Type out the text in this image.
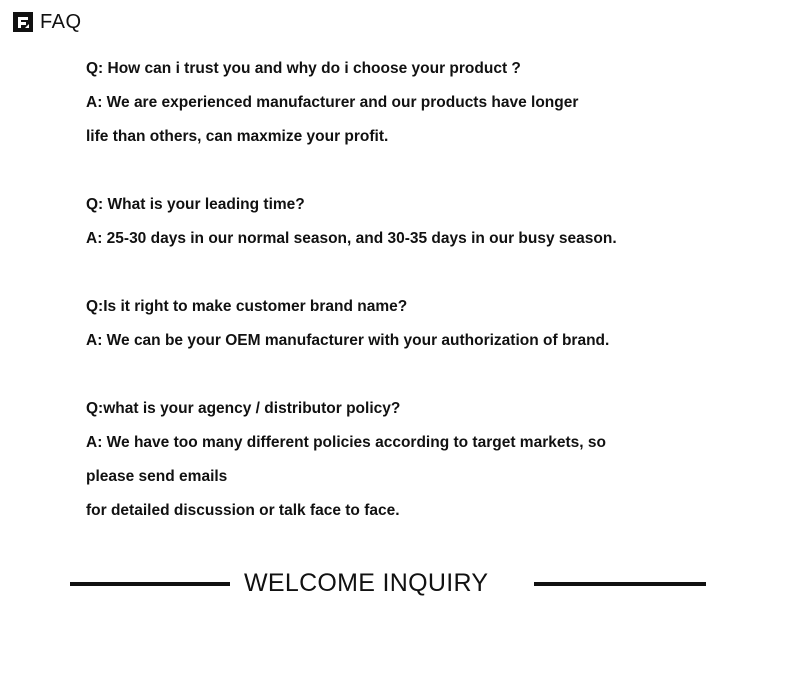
FAQ
Q: How can i trust you and why do i choose your product ?
A: We are experienced manufacturer and our products have longer
life than others, can maxmize your profit.
Q: What is your leading time?
A: 25-30 days in our normal season, and 30-35 days in our busy season.
Q:Is it right to make customer brand name?
A: We can be your OEM manufacturer with your authorization of brand.
Q:what is your agency / distributor policy?
A: We have too many different policies according to target markets, so
please send emails
for detailed discussion or talk face to face.
WELCOME INQUIRY
